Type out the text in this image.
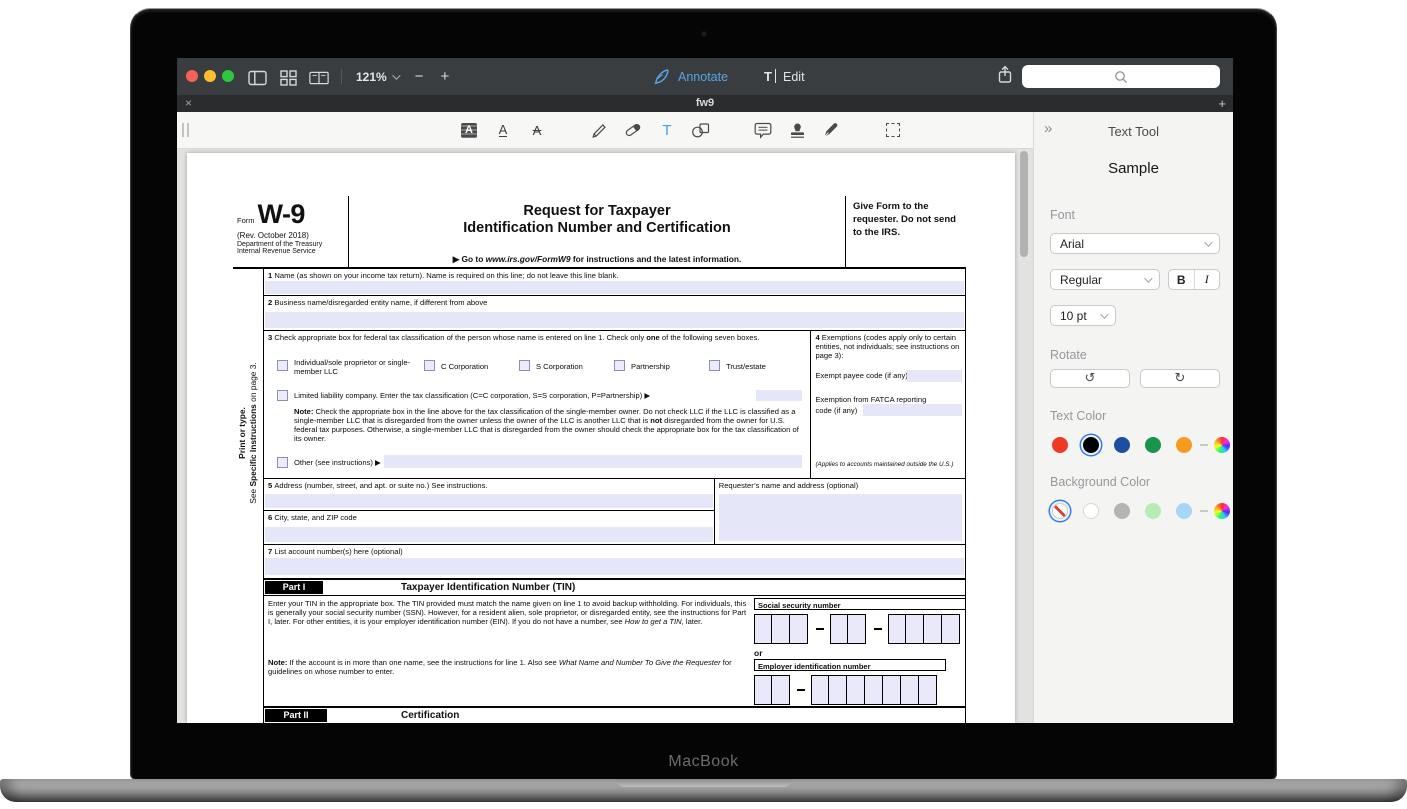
121% − +	Annotate	T Edit
×	fw9	+
A	A A	T
Form W-9
(Rev. October 2018)
Department of the Treasury
Internal Revenue Service
Request for Taxpayer
Identification Number and Certification
▶ Go to www.irs.gov/FormW9 for instructions and the latest information.
Give Form to the requester. Do not send to the IRS.
Print or type.
See Specific Instructions on page 3.
1 Name (as shown on your income tax return). Name is required on this line; do not leave this line blank.
2 Business name/disregarded entity name, if different from above
3 Check appropriate box for federal tax classification of the person whose name is entered on line 1. Check only one of the following seven boxes.
Individual/sole proprietor or single-member LLC
C Corporation	S Corporation	Partnership	Trust/estate
Limited liability company. Enter the tax classification (C=C corporation, S=S corporation, P=Partnership) ▶
Note: Check the appropriate box in the line above for the tax classification of the single-member owner. Do not check LLC if the LLC is classified as a single-member LLC that is disregarded from the owner unless the owner of the LLC is another LLC that is not disregarded from the owner for U.S. federal tax purposes. Otherwise, a single-member LLC that is disregarded from the owner should check the appropriate box for the tax classification of its owner.
Other (see instructions) ▶
4 Exemptions (codes apply only to certain entities, not individuals; see instructions on page 3):
Exempt payee code (if any)
Exemption from FATCA reporting
code (if any)
(Applies to accounts maintained outside the U.S.)
5 Address (number, street, and apt. or suite no.) See instructions.
6 City, state, and ZIP code
Requester’s name and address (optional)
7 List account number(s) here (optional)
Part I	Taxpayer Identification Number (TIN)
Enter your TIN in the appropriate box. The TIN provided must match the name given on line 1 to avoid backup withholding. For individuals, this is generally your social security number (SSN). However, for a resident alien, sole proprietor, or disregarded entity, see the instructions for Part I, later. For other entities, it is your employer identification number (EIN). If you do not have a number, see How to get a TIN, later.
Note: If the account is in more than one name, see the instructions for line 1. Also see What Name and Number To Give the Requester for guidelines on whose number to enter.
Social security number
or
Employer identification number
Part II	Certification
»	Text Tool
Sample
Font
Arial
Regular	B	I
10 pt
Rotate
↺	↻
Text Color
Background Color
MacBook
